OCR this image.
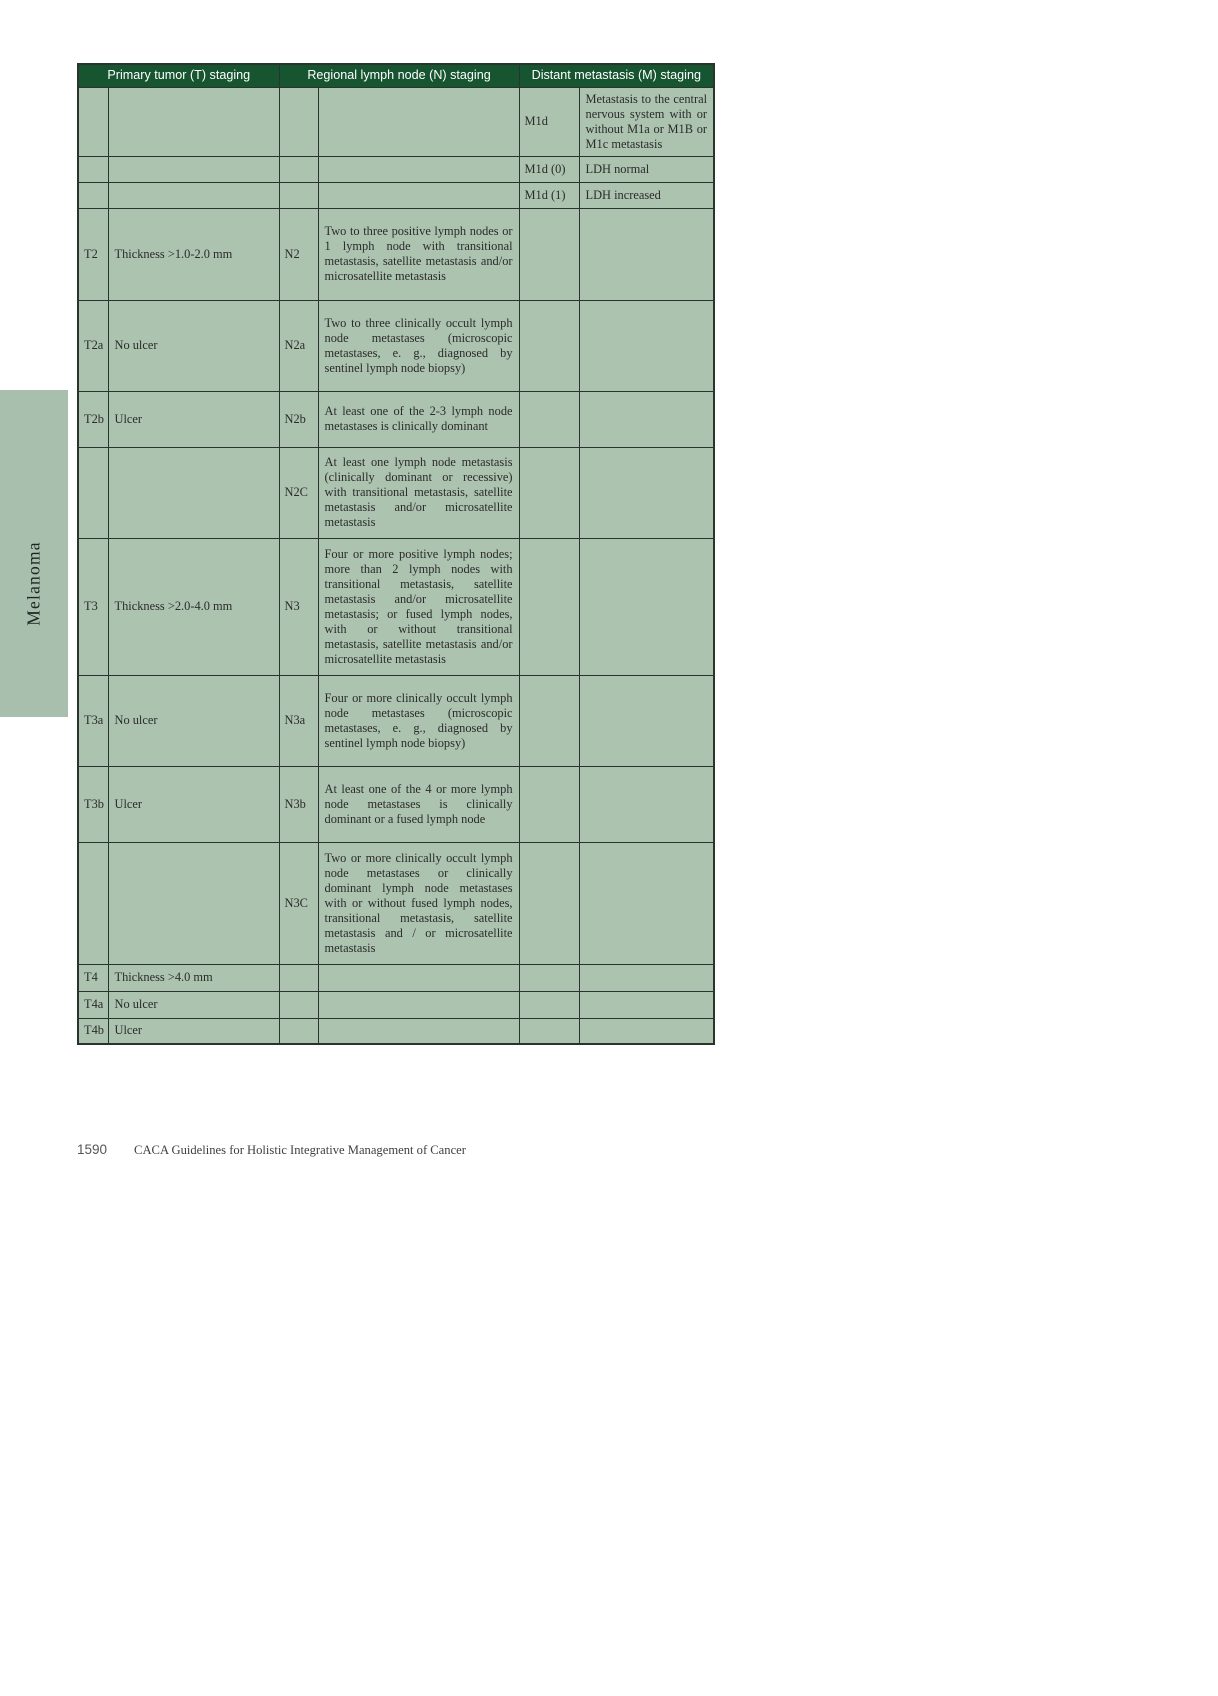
Melanoma
Primary tumor (T) staging		Regional lymph node (N) staging		Distant metastasis (M) staging	
				M1d	Metastasis to the central nervous system with or without M1a or M1B or M1c metastasis
				M1d (0)	LDH normal
				M1d (1)	LDH increased
T2	Thickness >1.0-2.0 mm	N2	Two to three positive lymph nodes or 1 lymph node with transitional metastasis, satellite metastasis and/or microsatellite metastasis		
T2a	No ulcer	N2a	Two to three clinically occult lymph node metastases (microscopic metastases, e. g., diagnosed by sentinel lymph node biopsy)		
T2b	Ulcer	N2b	At least one of the 2-3 lymph node metastases is clinically dominant		
		N2C	At least one lymph node metastasis (clinically dominant or recessive) with transitional metastasis, satellite metastasis and/or microsatellite metastasis		
T3	Thickness >2.0-4.0 mm	N3	Four or more positive lymph nodes; more than 2 lymph nodes with transitional metastasis, satellite metastasis and/or microsatellite metastasis; or fused lymph nodes, with or without transitional metastasis, satellite metastasis and/or microsatellite metastasis		
T3a	No ulcer	N3a	Four or more clinically occult lymph node metastases (microscopic metastases, e. g., diagnosed by sentinel lymph node biopsy)		
T3b	Ulcer	N3b	At least one of the 4 or more lymph node metastases is clinically dominant or a fused lymph node		
		N3C	Two or more clinically occult lymph node metastases or clinically dominant lymph node metastases with or without fused lymph nodes, transitional metastasis, satellite metastasis and / or microsatellite metastasis		
T4	Thickness >4.0 mm				
T4a	No ulcer				
T4b	Ulcer				
1590 CACA Guidelines for Holistic Integrative Management of Cancer
